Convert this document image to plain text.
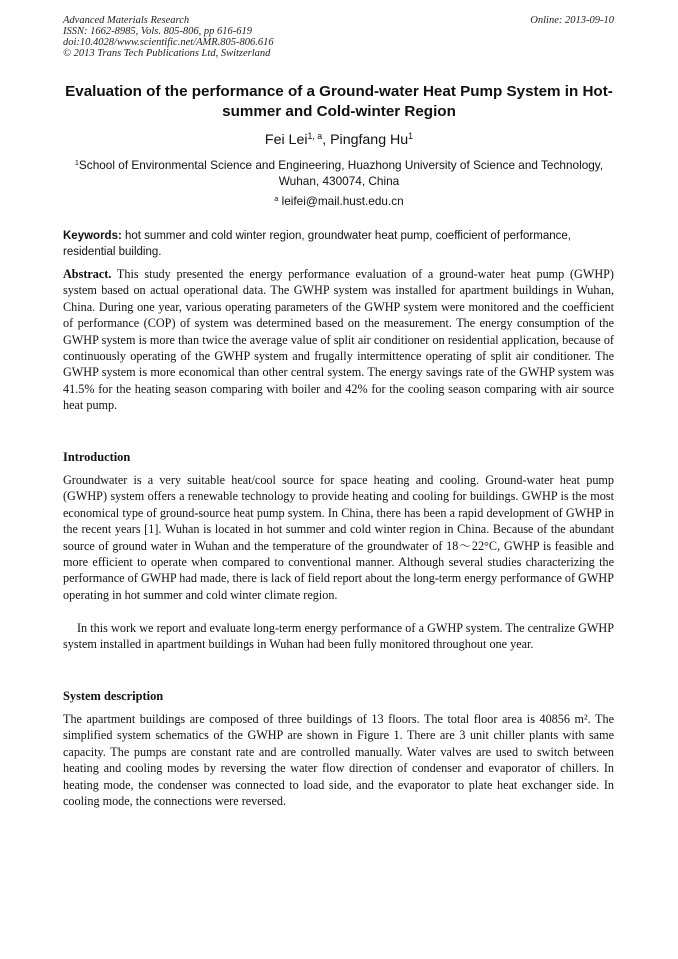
Advanced Materials Research
ISSN: 1662-8985, Vols. 805-806, pp 616-619
doi:10.4028/www.scientific.net/AMR.805-806.616
© 2013 Trans Tech Publications Ltd, Switzerland
Online: 2013-09-10
Evaluation of the performance of a Ground-water Heat Pump System in Hot-summer and Cold-winter Region
Fei Lei$^{1, a}$, Pingfang Hu$^1$
$^1$School of Environmental Science and Engineering, Huazhong University of Science and Technology, Wuhan, 430074, China
$^a$ leifei@mail.hust.edu.cn
Keywords: hot summer and cold winter region, groundwater heat pump, coefficient of performance, residential building.

Abstract. This study presented the energy performance evaluation of a ground-water heat pump (GWHP) system based on actual operational data. The GWHP system was installed for apartment buildings in Wuhan, China. During one year, various operating parameters of the GWHP system were monitored and the coefficient of performance (COP) of system was determined based on the measurement. The energy consumption of the GWHP system is more than twice the average value of split air conditioner on residential application, because of continuously operating of the GWHP system and frugally intermittence operating of split air conditioner. The GWHP system is more economical than other central system. The energy savings rate of the GWHP system was 41.5% for the heating season comparing with boiler and 42% for the cooling season comparing with air source heat pump.

Introduction

Groundwater is a very suitable heat/cool source for space heating and cooling. Ground-water heat pump (GWHP) system offers a renewable technology to provide heating and cooling for buildings. GWHP is the most economical type of ground-source heat pump system. In China, there has been a rapid development of GWHP in the recent years [1]. Wuhan is located in hot summer and cold winter region in China. Because of the abundant source of ground water in Wuhan and the temperature of the groundwater of 18～22°C, GWHP is feasible and more efficient to operate when compared to conventional manner. Although several studies characterizing the performance of GWHP had made, there is lack of field report about the long-term energy performance of GWHP operating in hot summer and cold winter climate region.

In this work we report and evaluate long-term energy performance of a GWHP system. The centralize GWHP system installed in apartment buildings in Wuhan had been fully monitored throughout one year.

System description

The apartment buildings are composed of three buildings of 13 floors. The total floor area is 40856 m². The simplified system schematics of the GWHP are shown in Figure 1. There are 3 unit chiller plants with same capacity. The pumps are constant rate and are controlled manually. Water valves are used to switch between heating and cooling modes by reversing the water flow direction of condenser and evaporator of chillers. In heating mode, the condenser was connected to load side, and the evaporator to plate heat exchanger side. In cooling mode, the connections were reversed.
